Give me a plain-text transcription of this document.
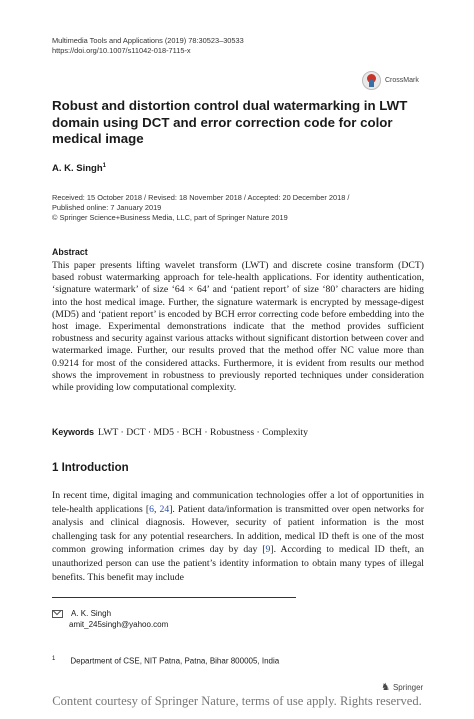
Multimedia Tools and Applications (2019) 78:30523–30533
https://doi.org/10.1007/s11042-018-7115-x
CrossMark
Robust and distortion control dual watermarking in LWT domain using DCT and error correction code for color medical image
A. K. Singh$^1$
Received: 15 October 2018 / Revised: 18 November 2018 / Accepted: 20 December 2018 /
Published online: 7 January 2019
© Springer Science+Business Media, LLC, part of Springer Nature 2019
Abstract
This paper presents lifting wavelet transform (LWT) and discrete cosine transform (DCT) based robust watermarking approach for tele-health applications. For identity authentication, ‘signature watermark’ of size ‘64 × 64’ and ‘patient report’ of size ‘80’ characters are hiding into the host medical image. Further, the signature watermark is encrypted by message-digest (MD5) and ‘patient report’ is encoded by BCH error correcting code before embedding into the host image. Experimental demonstrations indicate that the method provides sufficient robustness and security against various attacks without significant distortion between cover and watermarked image. Further, our results proved that the method offer NC value more than 0.9214 for most of the considered attacks. Furthermore, it is evident from results our method shows the improvement in robustness to previously reported techniques under consideration while providing low computational complexity.
Keywords LWT · DCT · MD5 · BCH · Robustness · Complexity
1 Introduction
In recent time, digital imaging and communication technologies offer a lot of opportunities in tele-health applications [6, 24]. Patient data/information is transmitted over open networks for analysis and clinical diagnosis. However, security of patient information is the most challenging task for any potential researchers. In addition, medical ID theft is one of the most common growing information crimes day by day [9]. According to medical ID theft, an unauthorized person can use the patient’s identity information to obtain many types of illegal benefits. This benefit may include
A. K. Singh
amit_245singh@yahoo.com
$^1$ Department of CSE, NIT Patna, Patna, Bihar 800005, India
♞ Springer
Content courtesy of Springer Nature, terms of use apply. Rights reserved.
